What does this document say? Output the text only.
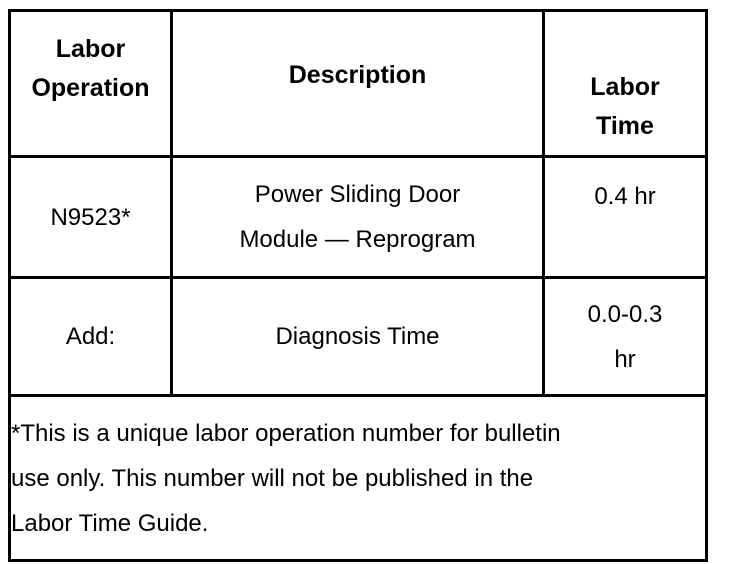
Labor Operation	Description	Labor Time

N9523*	Power Sliding Door Module — Reprogram	0.4 hr
Add:	Diagnosis Time	0.0-0.3 hr

*This is a unique labor operation number for bulletin use only. This number will not be published in the Labor Time Guide.		
